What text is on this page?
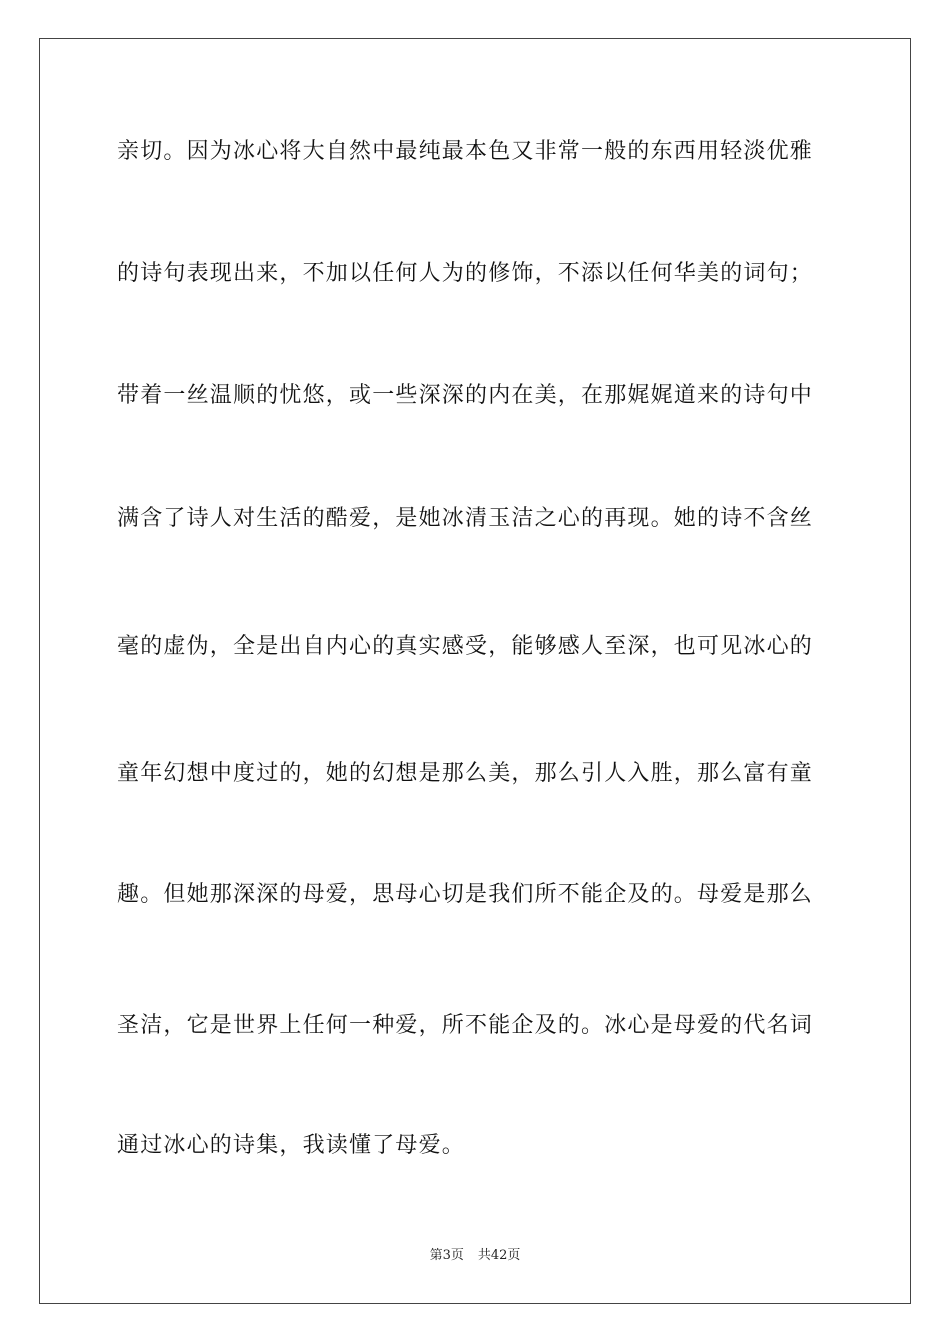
亲切。因为冰心将大自然中最纯最本色又非常一般的东西用轻淡优雅
的诗句表现出来，不加以任何人为的修饰，不添以任何华美的词句；
带着一丝温顺的忧悠，或一些深深的内在美，在那娓娓道来的诗句中
满含了诗人对生活的酷爱，是她冰清玉洁之心的再现。她的诗不含丝
毫的虚伪，全是出自内心的真实感受，能够感人至深，也可见冰心的
童年幻想中度过的，她的幻想是那么美，那么引人入胜，那么富有童
趣。但她那深深的母爱，思母心切是我们所不能企及的。母爱是那么
圣洁，它是世界上任何一种爱，所不能企及的。冰心是母爱的代名词
通过冰心的诗集，我读懂了母爱。
第3页 共42页
